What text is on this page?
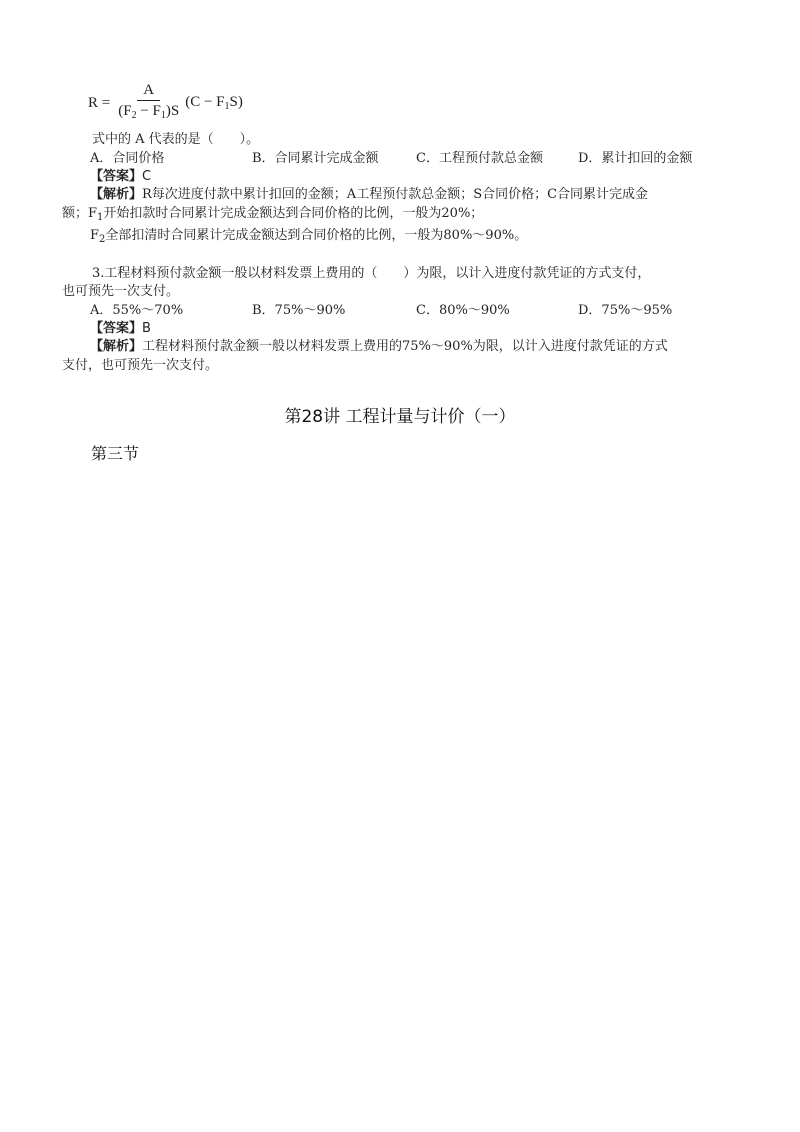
$R = \frac{A}{(F_2 - F_1)S} (C - F_1S)$
式中的 A 代表的是（　　）。
A．合同价格	B．合同累计完成金额	C．工程预付款总金额	D．累计扣回的金额
【答案】C
【解析】R每次进度付款中累计扣回的金额；A工程预付款总金额；S合同价格；C合同累计完成金
额；$F_1$开始扣款时合同累计完成金额达到合同价格的比例，一般为20%；
$F_2$全部扣清时合同累计完成金额达到合同价格的比例，一般为80%～90%。
3.工程材料预付款金额一般以材料发票上费用的（　　）为限，以计入进度付款凭证的方式支付，
也可预先一次支付。
A．55%～70%	B．75%～90%	C．80%～90%	D．75%～95%
【答案】B
【解析】工程材料预付款金额一般以材料发票上费用的75%～90%为限，以计入进度付款凭证的方式
支付，也可预先一次支付。
第28讲 工程计量与计价（一）
第三节
